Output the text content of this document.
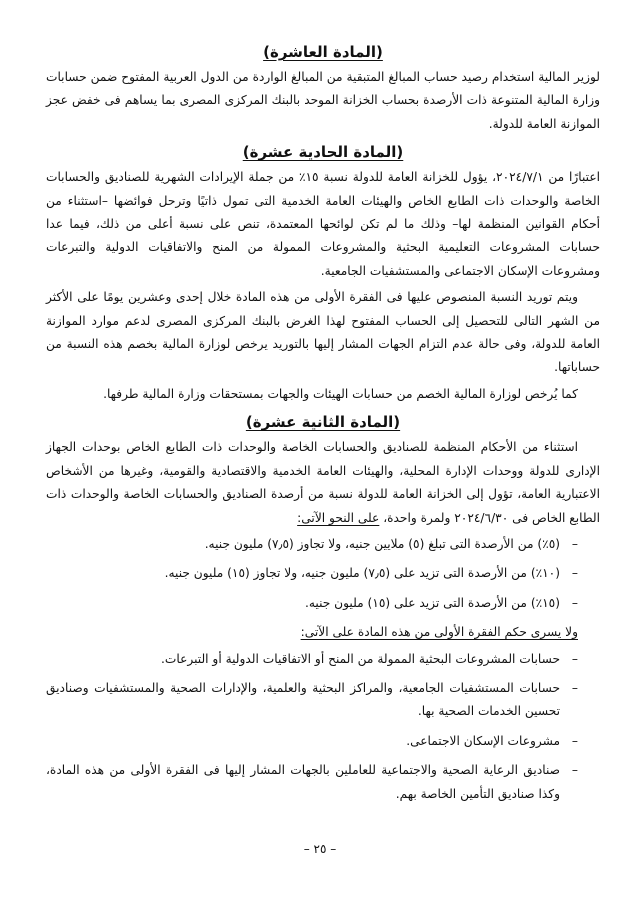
(المادة العاشرة)

لوزير المالية استخدام رصيد حساب المبالغ المتبقية من المبالغ الواردة من الدول العربية المفتوح ضمن حسابات وزارة المالية المتنوعة ذات الأرصدة بحساب الخزانة الموحد بالبنك المركزى المصرى بما يساهم فى خفض عجز الموازنة العامة للدولة.

(المادة الحادية عشرة)

اعتبارًا من ٢٠٢٤/٧/١، يؤول للخزانة العامة للدولة نسبة ١٥٪ من جملة الإيرادات الشهرية للصناديق والحسابات الخاصة والوحدات ذات الطابع الخاص والهيئات العامة الخدمية التى تمول ذاتيًا وترحل فوائضها –استثناء من أحكام القوانين المنظمة لها– وذلك ما لم تكن لوائحها المعتمدة، تنص على نسبة أعلى من ذلك، فيما عدا حسابات المشروعات التعليمية البحثية والمشروعات الممولة من المنح والاتفاقيات الدولية والتبرعات ومشروعات الإسكان الاجتماعى والمستشفيات الجامعية.

ويتم توريد النسبة المنصوص عليها فى الفقرة الأولى من هذه المادة خلال إحدى وعشرين يومًا على الأكثر من الشهر التالى للتحصيل إلى الحساب المفتوح لهذا الغرض بالبنك المركزى المصرى لدعم موارد الموازنة العامة للدولة، وفى حالة عدم التزام الجهات المشار إليها بالتوريد يرخص لوزارة المالية بخصم هذه النسبة من حساباتها.

كما يُرخص لوزارة المالية الخصم من حسابات الهيئات والجهات بمستحقات وزارة المالية طرفها.

(المادة الثانية عشرة)

استثناء من الأحكام المنظمة للصناديق والحسابات الخاصة والوحدات ذات الطابع الخاص بوحدات الجهاز الإدارى للدولة ووحدات الإدارة المحلية، والهيئات العامة الخدمية والاقتصادية والقومية، وغيرها من الأشخاص الاعتبارية العامة، تؤول إلى الخزانة العامة للدولة نسبة من أرصدة الصناديق والحسابات الخاصة والوحدات ذات الطابع الخاص فى ٢٠٢٤/٦/٣٠ ولمرة واحدة، على النحو الآتى:

– (٥٪) من الأرصدة التى تبلغ (٥) ملايين جنيه، ولا تجاوز (٧٫٥) مليون جنيه.
– (١٠٪) من الأرصدة التى تزيد على (٧٫٥) مليون جنيه، ولا تجاوز (١٥) مليون جنيه.
– (١٥٪) من الأرصدة التى تزيد على (١٥) مليون جنيه.

ولا يسرى حكم الفقرة الأولى من هذه المادة على الآتى:

– حسابات المشروعات البحثية الممولة من المنح أو الاتفاقيات الدولية أو التبرعات.
– حسابات المستشفيات الجامعية، والمراكز البحثية والعلمية، والإدارات الصحية والمستشفيات وصناديق تحسين الخدمات الصحية بها.
– مشروعات الإسكان الاجتماعى.
– صناديق الرعاية الصحية والاجتماعية للعاملين بالجهات المشار إليها فى الفقرة الأولى من هذه المادة، وكذا صناديق التأمين الخاصة بهم.
– ٢٥ –
